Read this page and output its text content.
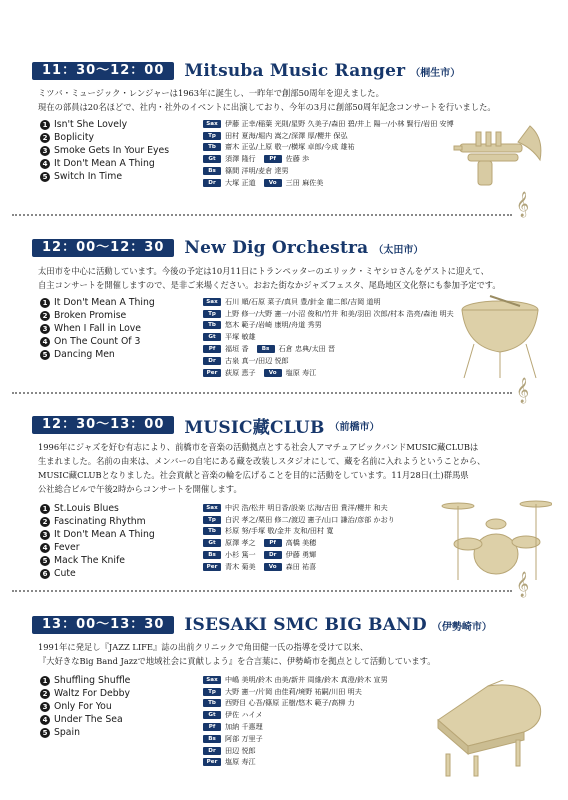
11：30〜12：00	Mitsuba Music Ranger （桐生市）
ミツバ・ミュージック・レンジャーは1963年に誕生し、一昨年で創部50周年を迎えました。
現在の部員は20名ほどで、社内・社外のイベントに出演しており、今年の3月に創部50周年記念コンサートを行いました。
1 Isn't She Lovely
2 Boplicity
3 Smoke Gets In Your Eyes
4 It Don't Mean A Thing
5 Switch In Time
Sax	伊藤 正幸/稲葉 光則/星野 久美子/森田 碧/井上 陽一/小林 賢行/岩田 安博
Tp	田村 夏海/堀内 嵩之/深澤 厚/櫻井 保弘
Tb	齋木 正弘/上原 敬一/横塚 卓郎/今成 雄祐
Gt	須澤 隆行	Pf	佐藤 歩
Bs	篠間 洋明/麦倉 達男
Dr	大塚 正道	Vo	三田 麻佐美
𝄞
12：00〜12：30	New Dig Orchestra （太田市）
太田市を中心に活動しています。今後の予定は10月11日にトランペッターのエリック・ミヤシロさんをゲストに迎えて、
自主コンサートを開催しますので、是非ご来場ください。おおた街なかジャズフェスタ、尾島地区文化祭にも参加予定です。
1 It Don't Mean A Thing
2 Broken Promise
3 When I Fall in Love
4 On The Count Of 3
5 Dancing Men
Sax	石川 順/石原 菜子/真貝 豊/針金 龍二郎/吉岡 道明
Tp	上野 修一/大野 憲一/小沼 俊和/竹井 和美/羽田 次郎/村本 浩亮/森池 明夫
Tb	悠木 範子/岩崎 康明/舟道 秀男
Gt	平塚 敏雄
Pf	福垣 香	Bs	石倉 忠典/太田 晋
Dr	古泉 真一/田辺 悦郎
Per	荻原 恵子	Vo	塩原 寿江
𝄞
12：30〜13：00	MUSIC藏CLUB （前橋市）
1996年にジャズを好む有志により、前橋市を音楽の活動拠点とする社会人アマチュアビックバンドMUSIC藏CLUBは
生まれました。名前の由来は、メンバーの自宅にある藏を改装しスタジオにして、藏を名前に入れようということから、
MUSIC藏CLUBとなりました。社会貢献と音楽の輪を広げることを目的に活動をしています。11月28日(土)群馬県
公社総合ビルで午後2時からコンサートを開催します。
1 St.Louis Blues
2 Fascinating Rhythm
3 It Don't Mean A Thing
4 Fever
5 Mack The Knife
6 Cute
Sax	中沢 浩/松井 明日香/設楽 広海/吉田 貴洋/櫻井 和夫
Tp	白沢 孝之/栗田 修二/渡辺 憲子/山口 謙治/彦部 かおり
Tb	杉原 努/手塚 敬/金井 友和/田村 寛
Gt	原澤 孝之	Pf	高橋 美穂
Bs	小杉 篤一	Dr	伊藤 勇輝
Per	青木 菊美	Vo	森田 祐喜
𝄞
13：00〜13：30	ISESAKI SMC BIG BAND （伊勢崎市）
1991年に発足し『JAZZ LIFE』誌の出前クリニックで角田健一氏の指導を受けて以来、
『大好きなBig Band Jazzで地域社会に貢献しよう』を合言葉に、伊勢崎市を拠点として活動しています。
1 Shuffling Shuffle
2 Waltz For Debby
3 Only For You
4 Under The Sea
5 Spain
Sax	中嶋 美明/鈴木 由美/新井 周維/鈴木 真澄/鈴木 宣男
Tp	大野 憲一/片岡 由佳莉/境野 祐嗣/川田 明夫
Tb	西野目 心吾/篠原 正樹/悠木 範子/高柳 力
Gt	伊佐 ハイメ
Pf	加納 千惠理
Bs	阿部 万里子
Dr	田辺 悦郎
Per	塩原 寿江
